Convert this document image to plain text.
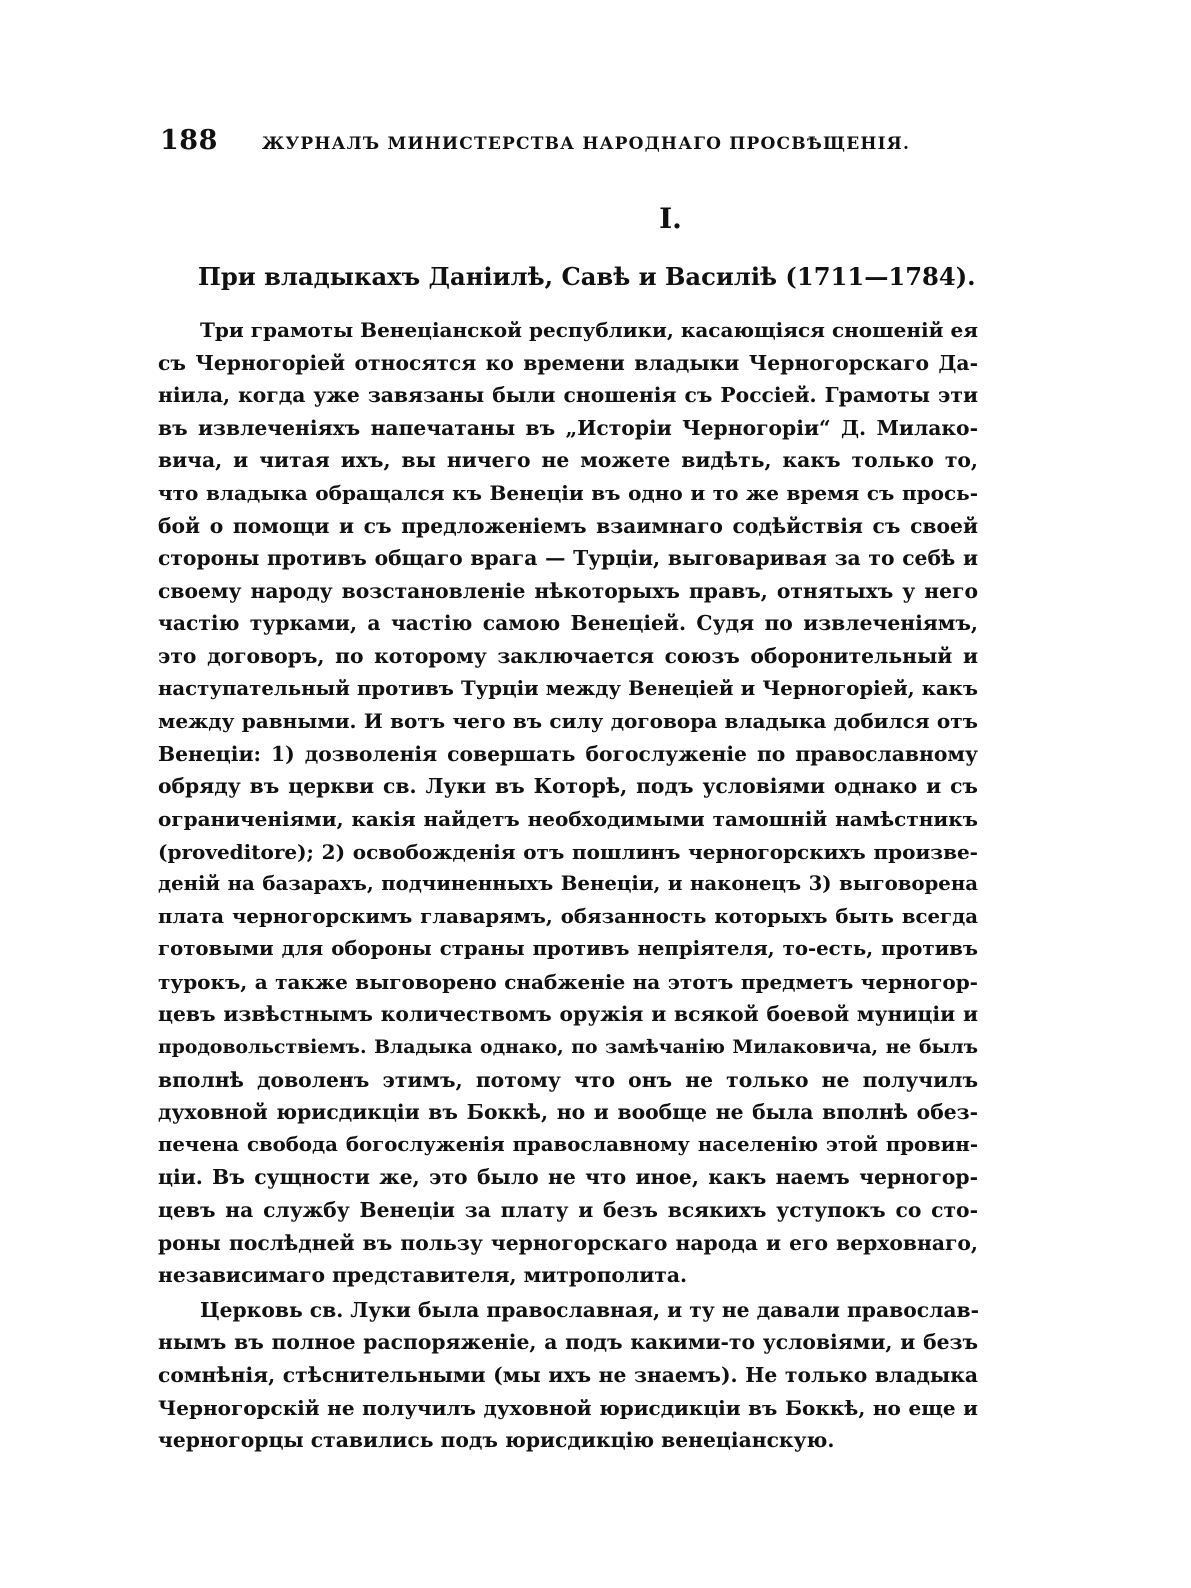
188	ЖУРНАЛЪ МИНИСТЕРСТВА НАРОДНАГО ПРОСВѢЩЕНІЯ.
I.
При владыкахъ Даніилѣ, Савѣ и Василіѣ (1711—1784).

Три грамоты Венеціанской республики, касающіяся сношеній ея

съ Черногоріей относятся ко времени владыки Черногорскаго Да-

ніила, когда уже завязаны были сношенія съ Россіей. Грамоты эти

въ извлеченіяхъ напечатаны въ „Исторіи Черногоріи“ Д. Милако-

вича, и читая ихъ, вы ничего не можете видѣть, какъ только то,

что владыка обращался къ Венеціи въ одно и то же время съ прось-

бой о помощи и съ предложеніемъ взаимнаго содѣйствія съ своей

стороны противъ общаго врага — Турціи, выговаривая за то себѣ и

своему народу возстановленіе нѣкоторыхъ правъ, отнятыхъ у него

частію турками, а частію самою Венеціей. Судя по извлеченіямъ,

это договоръ, по которому заключается союзъ оборонительный и

наступательный противъ Турціи между Венеціей и Черногоріей, какъ

между равными. И вотъ чего въ силу договора владыка добился отъ

Венеціи: 1) дозволенія совершать богослуженіе по православному

обряду въ церкви св. Луки въ Которѣ, подъ условіями однако и съ

ограниченіями, какія найдетъ необходимыми тамошній намѣстникъ

(proveditore); 2) освобожденія отъ пошлинъ черногорскихъ произве-

деній на базарахъ, подчиненныхъ Венеціи, и наконецъ 3) выговорена

плата черногорскимъ главарямъ, обязанность которыхъ быть всегда

готовыми для обороны страны противъ непріятеля, то-есть, противъ

турокъ, а также выговорено снабженіе на этотъ предметъ черногор-

цевъ извѣстнымъ количествомъ оружія и всякой боевой муниціи и

продовольствіемъ. Владыка однако, по замѣчанію Милаковича, не былъ

вполнѣ доволенъ этимъ, потому что онъ не только не получилъ

духовной юрисдикціи въ Боккѣ, но и вообще не была вполнѣ обез-

печена свобода богослуженія православному населенію этой провин-

ціи. Въ сущности же, это было не что иное, какъ наемъ черногор-

цевъ на службу Венеціи за плату и безъ всякихъ уступокъ со сто-

роны послѣдней въ пользу черногорскаго народа и его верховнаго,

независимаго представителя, митрополита.

Церковь св. Луки была православная, и ту не давали православ-

нымъ въ полное распоряженіе, а подъ какими-то условіями, и безъ

сомнѣнія, стѣснительными (мы ихъ не знаемъ). Не только владыка

Черногорскій не получилъ духовной юрисдикціи въ Боккѣ, но еще и

черногорцы ставились подъ юрисдикцію венеціанскую.
